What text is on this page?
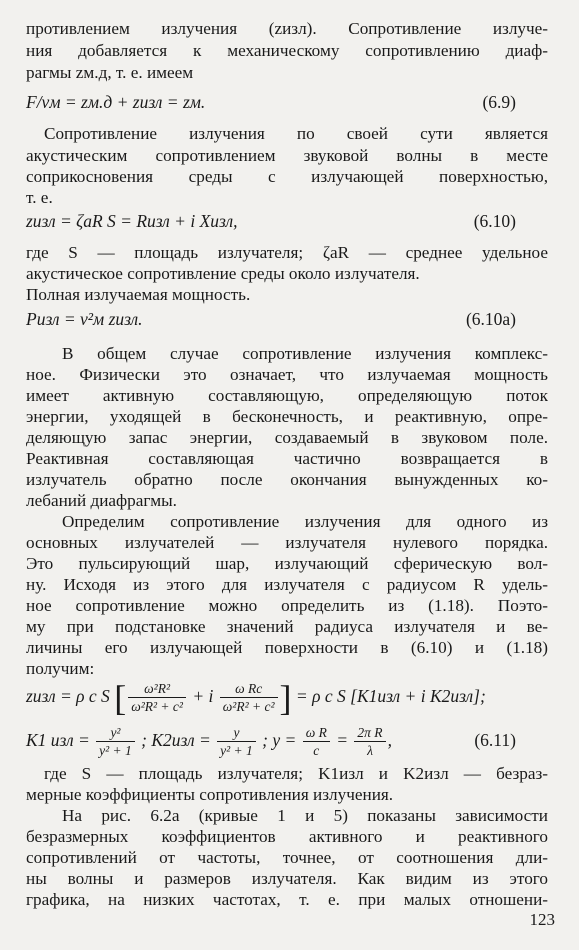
противлением излучения (zизл). Сопротивление излуче-
ния добавляется к механическому сопротивлению диаф-
рагмы zм.д, т. е. имеем
F/vм = zм.д + zизл = zм.	(6.9)
Сопротивление излучения по своей сути является
акустическим сопротивлением звуковой волны в месте
соприкосновения среды с излучающей поверхностью,
т. е.
zизл = ζaR S = Rизл + i Xизл,	(6.10)
где S — площадь излучателя; ζaR — среднее удельное
акустическое сопротивление среды около излучателя.
Полная излучаемая мощность.
Pизл = v²м zизл.	(6.10a)
В общем случае сопротивление излучения комплекс-
ное. Физически это означает, что излучаемая мощность
имеет активную составляющую, определяющую поток
энергии, уходящей в бесконечность, и реактивную, опре-
деляющую запас энергии, создаваемый в звуковом поле.
Реактивная составляющая частично возвращается в
излучатель обратно после окончания вынужденных ко-
лебаний диафрагмы.
Определим сопротивление излучения для одного из
основных излучателей — излучателя нулевого порядка.
Это пульсирующий шар, излучающий сферическую вол-
ну. Исходя из этого для излучателя с радиусом R удель-
ное сопротивление можно определить из (1.18). Поэто-
му при подстановке значений радиуса излучателя и ве-
личины его излучающей поверхности в (6.10) и (1.18)
получим:
zизл = ρ c S [ $\frac{\text{ω²R²}}{\text{ω²R² + c²}} + i \frac{\text{ω Rc}}{\text{ω²R² + c²}}$ ] = ρ c S [K1изл + i K2изл];
K1 изл = $\frac{\text{y²}}{\text{y² + 1}}$ ; $K2изл = \frac{y}{\text{y² + 1}}$ ; $y = \frac{\text{ω R}}{c} = \frac{\text{2π R}}{\lambda}$ ,	(6.11)
где S — площадь излучателя; K1изл и K2изл — безраз-
мерные коэффициенты сопротивления излучения.
На рис. 6.2а (кривые 1 и 5) показаны зависимости
безразмерных коэффициентов активного и реактивного
сопротивлений от частоты, точнее, от соотношения дли-
ны волны и размеров излучателя. Как видим из этого
графика, на низких частотах, т. е. при малых отношени-
123
